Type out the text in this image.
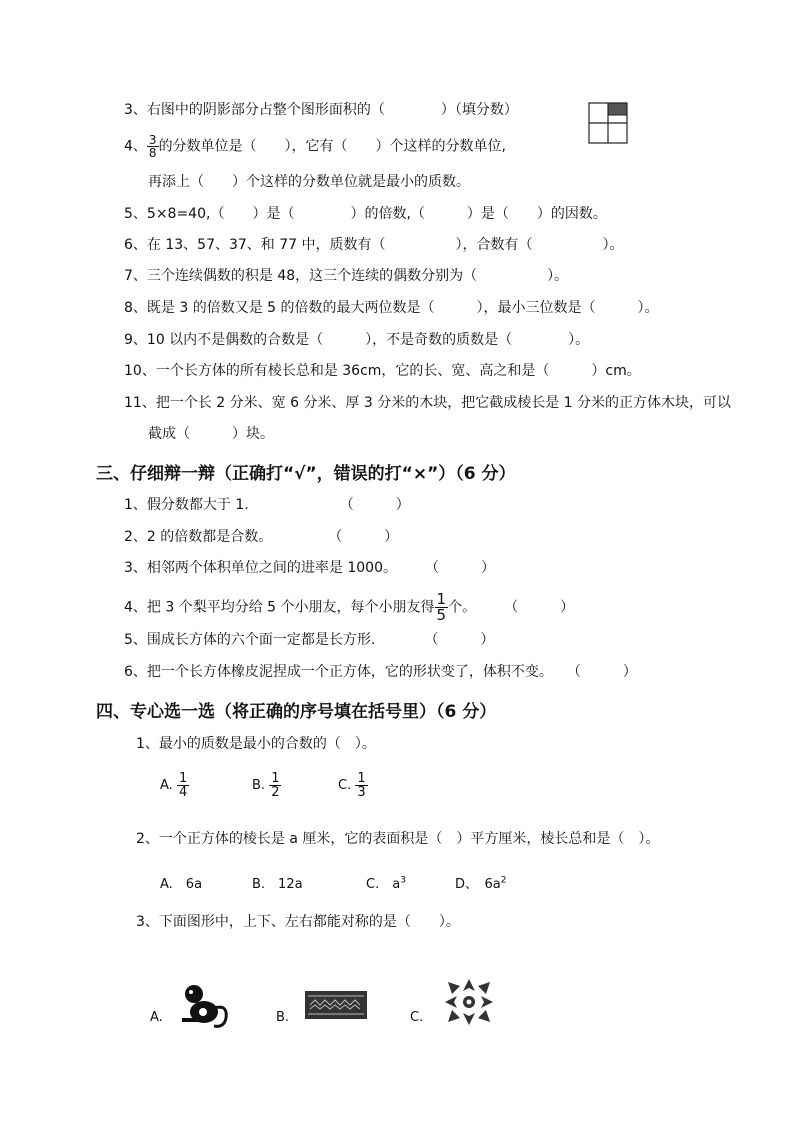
3、右图中的阴影部分占整个图形面积的（　　　　）（填分数）
4、 $\frac{3}{8}$ 的分数单位是（　　），它有（　　）个这样的分数单位,
再添上（　　）个这样的分数单位就是最小的质数。
5、5×8=40,（　　）是（　　　　）的倍数,（　　　）是（　　）的因数。
6、在 13、57、37、和 77 中，质数有（　　　　　），合数有（　　　　　）。
7、三个连续偶数的积是 48，这三个连续的偶数分别为（　　　　　）。
8、既是 3 的倍数又是 5 的倍数的最大两位数是（　　　），最小三位数是（　　　）。
9、10 以内不是偶数的合数是（　　　），不是奇数的质数是（　　　　）。
10、一个长方体的所有棱长总和是 36cm，它的长、宽、高之和是（　　　）cm。
11、把一个长 2 分米、宽 6 分米、厚 3 分米的木块，把它截成棱长是 1 分米的正方体木块，可以
截成（　　　）块。
三、仔细辩一辩（正确打“√”，错误的打“×”）（6 分）
1、假分数都大于 1.　　　　　　　（　　　）
2、2 的倍数都是合数。　　　　　（　　　）
3、相邻两个体积单位之间的进率是 1000。　　　（　　　）
4、把 3 个梨平均分给 5 个小朋友，每个小朋友得 $\frac{1}{5}$ 个。　　　（　　　）
5、围成长方体的六个面一定都是长方形.　　　　（　　　）
6、把一个长方体橡皮泥捏成一个正方体，它的形状变了，体积不变。　　（　　　）
四、专心选一选（将正确的序号填在括号里）（6 分）
1、最小的质数是最小的合数的（　）。
A. $\frac{1}{4}$	B. $\frac{1}{2}$	C. $\frac{1}{3}$
2、一个正方体的棱长是 a 厘米，它的表面积是（　）平方厘米，棱长总和是（　）。
A.　6a	B.　12a	C.　$a^3$	D、　$6a^2$
3、下面图形中，上下、左右都能对称的是（　　）。
A.	B.	C.
